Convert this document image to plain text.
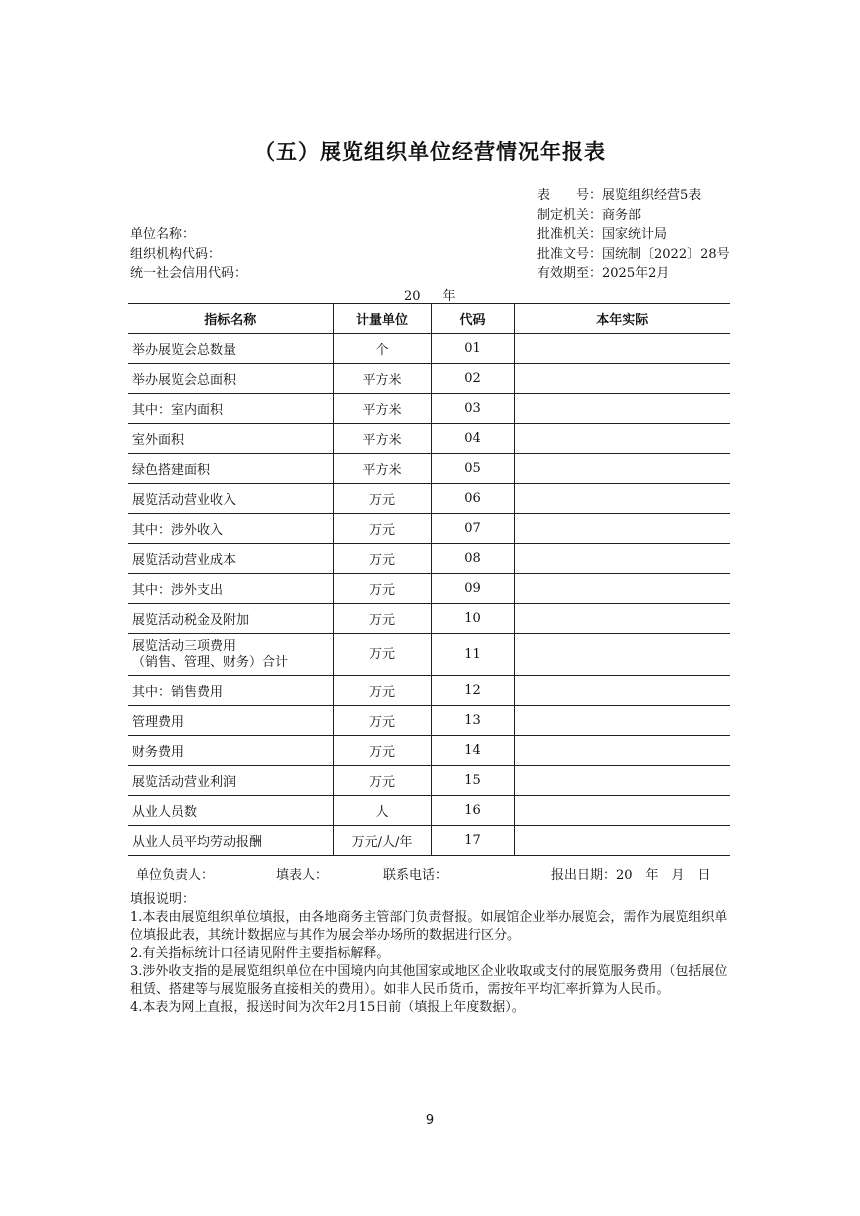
（五）展览组织单位经营情况年报表
表　　号：展览组织经营5表
制定机关：商务部
批准机关：国家统计局
批准文号：国统制〔2022〕28号
有效期至：2025年2月
单位名称：
组织机构代码：
统一社会信用代码：
20 年
指标名称	计量单位	代码	本年实际
举办展览会总数量	个	01	
举办展览会总面积	平方米	02	
其中：室内面积	平方米	03	
室外面积	平方米	04	
绿色搭建面积	平方米	05	
展览活动营业收入	万元	06	
其中：涉外收入	万元	07	
展览活动营业成本	万元	08	
其中：涉外支出	万元	09	
展览活动税金及附加	万元	10	

展览活动三项费用
（销售、管理、财务）合计	万元	11	
其中：销售费用	万元	12	
管理费用	万元	13	
财务费用	万元	14	
展览活动营业利润	万元	15	
从业人员数	人	16	
从业人员平均劳动报酬	万元/人/年	17	
单位负责人：	填表人：	联系电话：	报出日期：20　年　月　日
填报说明：
1.本表由展览组织单位填报，由各地商务主管部门负责督报。如展馆企业举办展览会，需作为展览组织单位填报此表，其统计数据应与其作为展会举办场所的数据进行区分。
2.有关指标统计口径请见附件主要指标解释。
3.涉外收支指的是展览组织单位在中国境内向其他国家或地区企业收取或支付的展览服务费用（包括展位租赁、搭建等与展览服务直接相关的费用）。如非人民币货币，需按年平均汇率折算为人民币。
4.本表为网上直报，报送时间为次年2月15日前（填报上年度数据）。
9
